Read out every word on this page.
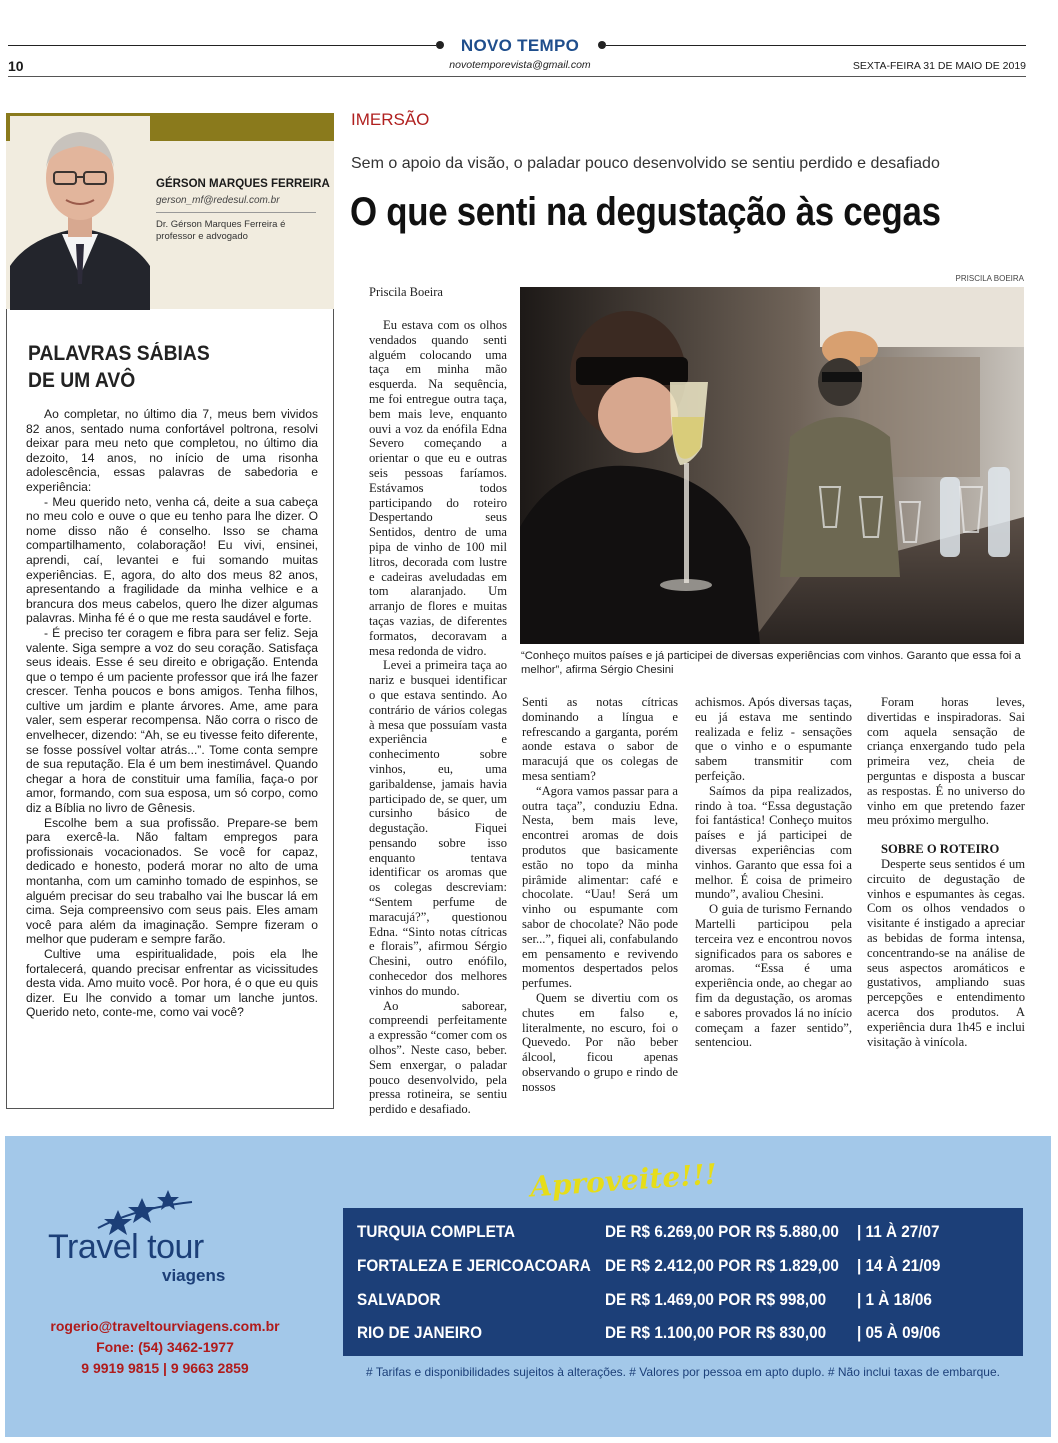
NOVO TEMPO
novotemporevista@gmail.com
10	SEXTA-FEIRA 31 DE MAIO DE 2019
GÉRSON MARQUES FERREIRA
gerson_mf@redesul.com.br
Dr. Gérson Marques Ferreira é professor e advogado
PALAVRAS SÁBIAS
DE UM AVÔ

Ao completar, no último dia 7, meus bem vividos 82 anos, sentado numa confortável poltrona, resolvi deixar para meu neto que completou, no último dia dezoito, 14 anos, no início de uma risonha adolescência, essas palavras de sabedoria e experiência:

- Meu querido neto, venha cá, deite a sua cabeça no meu colo e ouve o que eu tenho para lhe dizer. O nome disso não é conselho. Isso se chama compartilhamento, colaboração! Eu vivi, ensinei, aprendi, caí, levantei e fui somando muitas experiências. E, agora, do alto dos meus 82 anos, apresentando a fragilidade da minha velhice e a brancura dos meus cabelos, quero lhe dizer algumas palavras. Minha fé é o que me resta saudável e forte.

- É preciso ter coragem e fibra para ser feliz. Seja valente. Siga sempre a voz do seu coração. Satisfaça seus ideais. Esse é seu direito e obrigação. Entenda que o tempo é um paciente professor que irá lhe fazer crescer. Tenha poucos e bons amigos. Tenha filhos, cultive um jardim e plante árvores. Ame, ame para valer, sem esperar recompensa. Não corra o risco de envelhecer, dizendo: “Ah, se eu tivesse feito diferente, se fosse possível voltar atrás...”. Tome conta sempre de sua reputação. Ela é um bem inestimável. Quando chegar a hora de constituir uma família, faça-o por amor, formando, com sua esposa, um só corpo, como diz a Bíblia no livro de Gênesis.

Escolhe bem a sua profissão. Prepare-se bem para exercê-la. Não faltam empregos para profissionais vocacionados. Se você for capaz, dedicado e honesto, poderá morar no alto de uma montanha, com um caminho tomado de espinhos, se alguém precisar do seu trabalho vai lhe buscar lá em cima. Seja compreensivo com seus pais. Eles amam você para além da imaginação. Sempre fizeram o melhor que puderam e sempre farão.

Cultive uma espiritualidade, pois ela lhe fortalecerá, quando precisar enfrentar as vicissitudes desta vida. Amo muito você. Por hora, é o que eu quis dizer. Eu lhe convido a tomar um lanche juntos. Querido neto, conte-me, como vai você?

IMERSÃO
Sem o apoio da visão, o paladar pouco desenvolvido se sentiu perdido e desafiado
O que senti na degustação às cegas
PRISCILA BOEIRA
Priscila Boeira
“Conheço muitos países e já participei de diversas experiências com vinhos. Garanto que essa foi a melhor”, afirma Sérgio Chesini

Eu estava com os olhos vendados quando senti alguém colocando uma taça em minha mão esquerda. Na sequência, me foi entregue outra taça, bem mais leve, enquanto ouvi a voz da enófila Edna Severo começando a orientar o que eu e outras seis pessoas faríamos. Estávamos todos participando do roteiro Despertando seus Sentidos, dentro de uma pipa de vinho de 100 mil litros, decorada com lustre e cadeiras aveludadas em tom alaranjado. Um arranjo de flores e muitas taças vazias, de diferentes formatos, decoravam a mesa redonda de vidro.

Levei a primeira taça ao nariz e busquei identificar o que estava sentindo. Ao contrário de vários colegas à mesa que possuíam vasta experiência e conhecimento sobre vinhos, eu, uma garibaldense, jamais havia participado de, se quer, um cursinho básico de degustação. Fiquei pensando sobre isso enquanto tentava identificar os aromas que os colegas descreviam: “Sentem perfume de maracujá?”, questionou Edna. “Sinto notas cítricas e florais”, afirmou Sérgio Chesini, outro enófilo, conhecedor dos melhores vinhos do mundo.

Ao saborear, compreendi perfeitamente a expressão “comer com os olhos”. Neste caso, beber. Sem enxergar, o paladar pouco desenvolvido, pela pressa rotineira, se sentiu perdido e desafiado.

Senti as notas cítricas dominando a língua e refrescando a garganta, porém aonde estava o sabor de maracujá que os colegas de mesa sentiam?

“Agora vamos passar para a outra taça”, conduziu Edna. Nesta, bem mais leve, encontrei aromas de dois produtos que basicamente estão no topo da minha pirâmide alimentar: café e chocolate. “Uau! Será um vinho ou espumante com sabor de chocolate? Não pode ser...”, fiquei ali, confabulando em pensamento e revivendo momentos despertados pelos perfumes.

Quem se divertiu com os chutes em falso e, literalmente, no escuro, foi o Quevedo. Por não beber álcool, ficou apenas observando o grupo e rindo de nossos

achismos. Após diversas taças, eu já estava me sentindo realizada e feliz - sensações que o vinho e o espumante sabem transmitir com perfeição.

Saímos da pipa realizados, rindo à toa. “Essa degustação foi fantástica! Conheço muitos países e já participei de diversas experiências com vinhos. Garanto que essa foi a melhor. É coisa de primeiro mundo”, avaliou Chesini.

O guia de turismo Fernando Martelli participou pela terceira vez e encontrou novos significados para os sabores e aromas. “Essa é uma experiência onde, ao chegar ao fim da degustação, os aromas e sabores provados lá no início começam a fazer sentido”, sentenciou.

Foram horas leves, divertidas e inspiradoras. Sai com aquela sensação de criança enxergando tudo pela primeira vez, cheia de perguntas e disposta a buscar as respostas. É no universo do vinho em que pretendo fazer meu próximo mergulho.

SOBRE O ROTEIRO

Desperte seus sentidos é um circuito de degustação de vinhos e espumantes às cegas. Com os olhos vendados o visitante é instigado a apreciar as bebidas de forma intensa, concentrando-se na análise de seus aspectos aromáticos e gustativos, ampliando suas percepções e entendimento acerca dos produtos. A experiência dura 1h45 e inclui visitação à vinícola.

Travel tour
viagens
rogerio@traveltourviagens.com.br
Fone: (54) 3462-1977
9 9919 9815 | 9 9663 2859
Aproveite!!!
TURQUIA COMPLETA	DE R$ 6.269,00 POR R$ 5.880,00 | 11 À 27/07
FORTALEZA E JERICOACOARA DE R$ 2.412,00 POR R$ 1.829,00 | 14 À 21/09
SALVADOR	DE R$ 1.469,00 POR R$ 998,00 | 1 À 18/06
RIO DE JANEIRO	DE R$ 1.100,00 POR R$ 830,00 | 05 À 09/06
# Tarifas e disponibilidades sujeitos à alterações. # Valores por pessoa em apto duplo. # Não inclui taxas de embarque.
